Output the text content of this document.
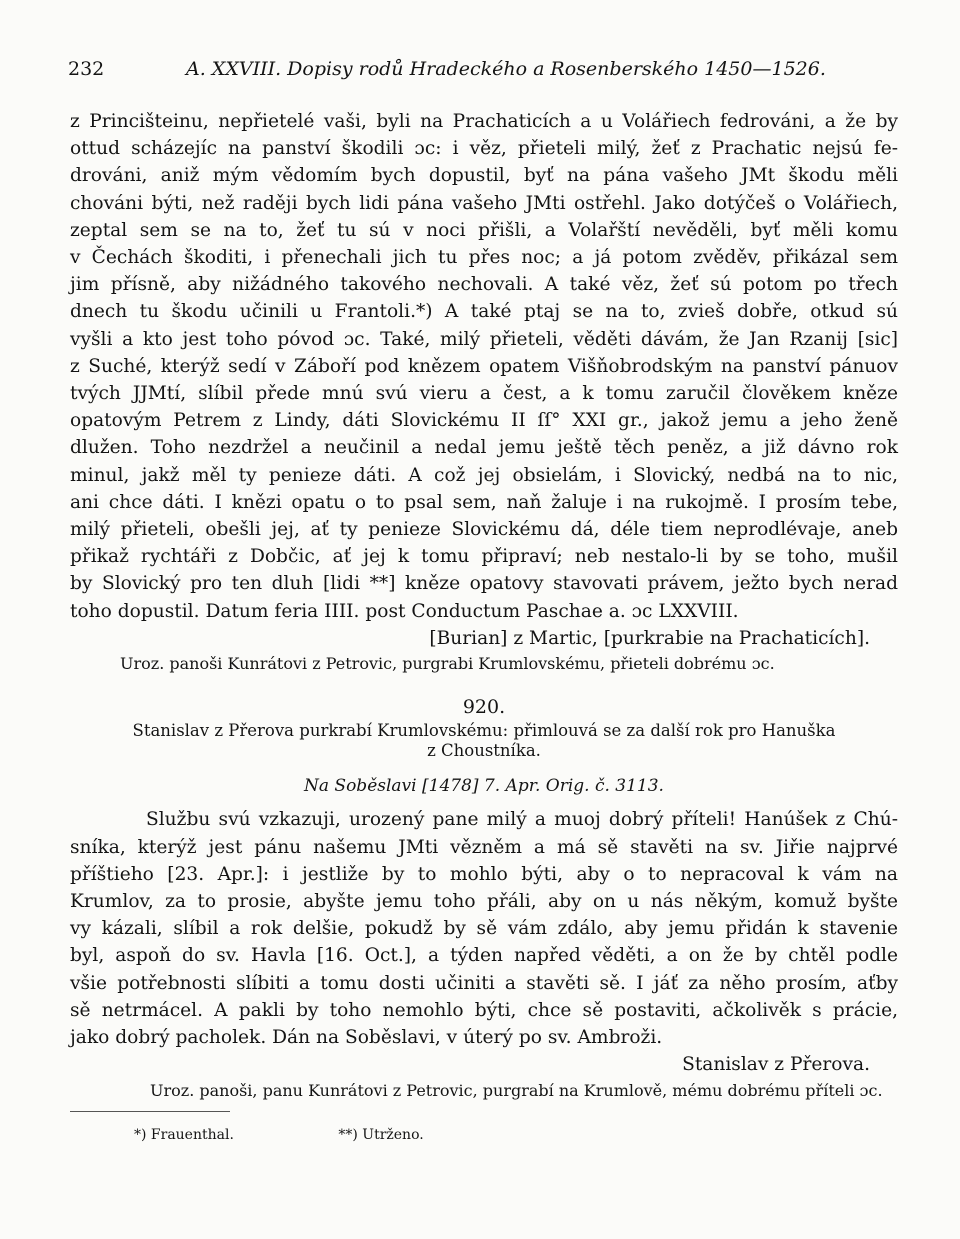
232	A. XXVIII. Dopisy rodů Hradeckého a Rosenberského 1450—1526.
z Princišteinu, nepřietelé vaši, byli na Prachaticích a u Volářiech fedrováni, a že by
ottud scházejíc na panství škodili ɔc: i věz, přieteli milý, žeť z Prachatic nejsú fe-
drováni, aniž mým vědomím bych dopustil, byť na pána vašeho JMt škodu měli
chováni býti, než raději bych lidi pána vašeho JMti ostřehl. Jako dotýčeš o Volářiech,
zeptal sem se na to, žeť tu sú v noci přišli, a Volařští nevěděli, byť měli komu
v Čechách škoditi, i přenechali jich tu přes noc; a já potom zvěděv, přikázal sem
jim přísně, aby nižádného takového nechovali. A také věz, žeť sú potom po třech
dnech tu škodu učinili u Frantoli.*) A také ptaj se na to, zvieš dobře, otkud sú
vyšli a kto jest toho póvod ɔc. Také, milý přieteli, věděti dávám, že Jan Rzanij [sic]
z Suché, kterýž sedí v Záboří pod knězem opatem Višňobrodským na panství pánuov
tvých JJMtí, slíbil přede mnú svú vieru a čest, a k tomu zaručil člověkem kněze
opatovým Petrem z Lindy, dáti Slovickému II ſſ° XXI gr., jakož jemu a jeho ženě
dlužen. Toho nezdržel a neučinil a nedal jemu ještě těch peněz, a již dávno rok
minul, jakž měl ty penieze dáti. A což jej obsielám, i Slovický, nedbá na to nic,
ani chce dáti. I knězi opatu o to psal sem, naň žaluje i na rukojmě. I prosím tebe,
milý přieteli, obešli jej, ať ty penieze Slovickému dá, déle tiem neprodlévaje, aneb
přikaž rychtáři z Dobčic, ať jej k tomu připraví; neb nestalo-li by se toho, mušil
by Slovický pro ten dluh [lidi **] kněze opatovy stavovati právem, ježto bych nerad
toho dopustil. Datum feria IIII. post Conductum Paschae a. ɔc LXXVIII.
[Burian] z Martic, [purkrabie na Prachaticích].
Uroz. panoši Kunrátovi z Petrovic, purgrabi Krumlovskému, přieteli dobrému ɔc.
920.
Stanislav z Přerova purkrabí Krumlovskému: přimlouvá se za další rok pro Hanuška
z Choustníka.
Na Soběslavi [1478] 7. Apr. Orig. č. 3113.
Službu svú vzkazuji, urozený pane milý a muoj dobrý příteli! Hanúšek z Chú-
sníka, kterýž jest pánu našemu JMti vězněm a má sě stavěti na sv. Jiřie najprvé
příštieho [23. Apr.]: i jestliže by to mohlo býti, aby o to nepracoval k vám na
Krumlov, za to prosie, abyšte jemu toho přáli, aby on u nás někým, komuž byšte
vy kázali, slíbil a rok delšie, pokudž by sě vám zdálo, aby jemu přidán k stavenie
byl, aspoň do sv. Havla [16. Oct.], a týden napřed věděti, a on že by chtěl podle
všie potřebnosti slíbiti a tomu dosti učiniti a stavěti sě. I jáť za něho prosím, aťby
sě netrmácel. A pakli by toho nemohlo býti, chce sě postaviti, ačkolivěk s prácie,
jako dobrý pacholek. Dán na Soběslavi, v úterý po sv. Ambroži.
Stanislav z Přerova.
Uroz. panoši, panu Kunrátovi z Petrovic, purgrabí na Krumlově, mému dobrému příteli ɔc.
*) Frauenthal.	**) Utrženo.
